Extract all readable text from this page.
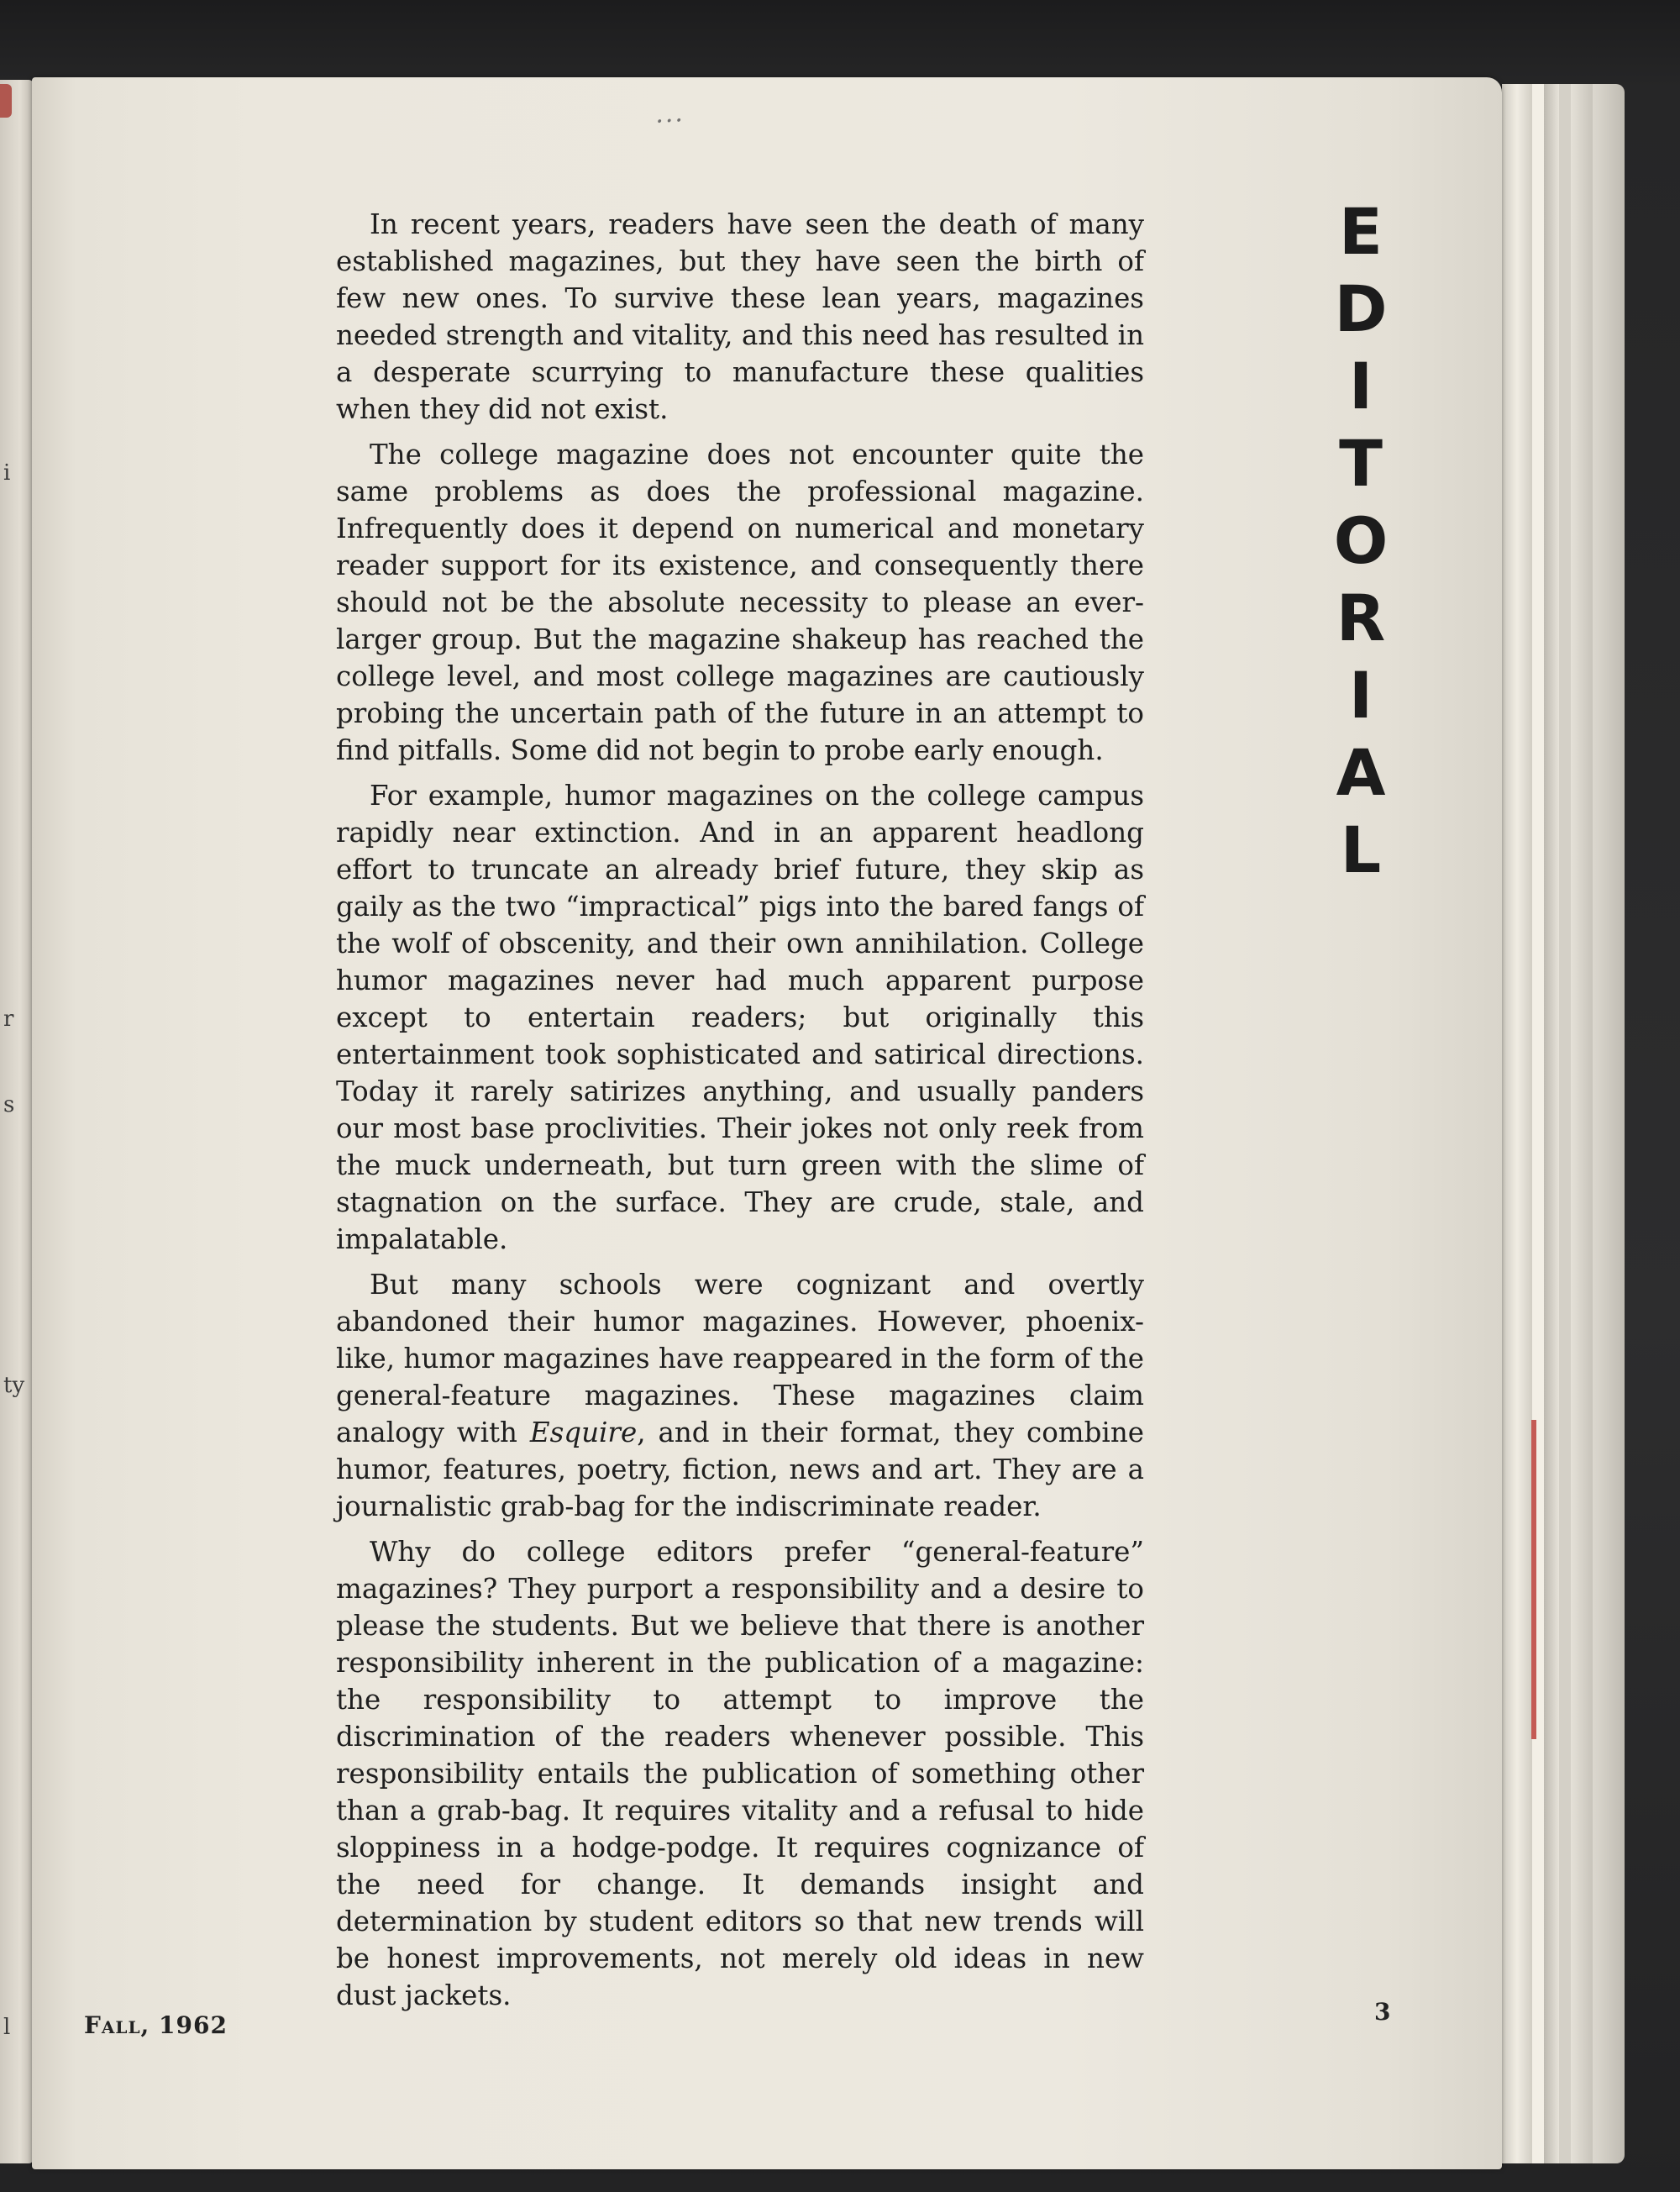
i
r
s
ty
l
...

In recent years, readers have seen the death of many established magazines, but they have seen the birth of few new ones. To survive these lean years, magazines needed strength and vitality, and this need has resulted in a desperate scurrying to manufacture these qualities when they did not exist.

The college magazine does not encounter quite the same problems as does the professional magazine. Infrequently does it depend on numerical and monetary reader support for its existence, and consequently there should not be the absolute necessity to please an ever-larger group. But the magazine shakeup has reached the college level, and most college magazines are cautiously probing the uncertain path of the future in an attempt to find pitfalls. Some did not begin to probe early enough.

For example, humor magazines on the college campus rapidly near extinction. And in an apparent headlong effort to truncate an already brief future, they skip as gaily as the two “impractical” pigs into the bared fangs of the wolf of obscenity, and their own annihilation. College humor magazines never had much apparent purpose except to entertain readers; but originally this entertainment took sophisticated and satirical directions. Today it rarely satirizes anything, and usually panders our most base proclivities. Their jokes not only reek from the muck underneath, but turn green with the slime of stagnation on the surface. They are crude, stale, and impalatable.

But many schools were cognizant and overtly abandoned their humor magazines. However, phoenix-like, humor magazines have reappeared in the form of the general-feature magazines. These magazines claim analogy with Esquire, and in their format, they combine humor, features, poetry, fiction, news and art. They are a journalistic grab-bag for the indiscriminate reader.

Why do college editors prefer “general-feature” magazines? They purport a responsibility and a desire to please the students. But we believe that there is another responsibility inherent in the publication of a magazine: the responsibility to attempt to improve the discrimination of the readers whenever possible. This responsibility entails the publication of something other than a grab-bag. It requires vitality and a refusal to hide sloppiness in a hodge-podge. It requires cognizance of the need for change. It demands insight and determination by student editors so that new trends will be honest improvements, not merely old ideas in new dust jackets.

E
D
I
T
O
R
I
A
L
Fall, 1962	3
